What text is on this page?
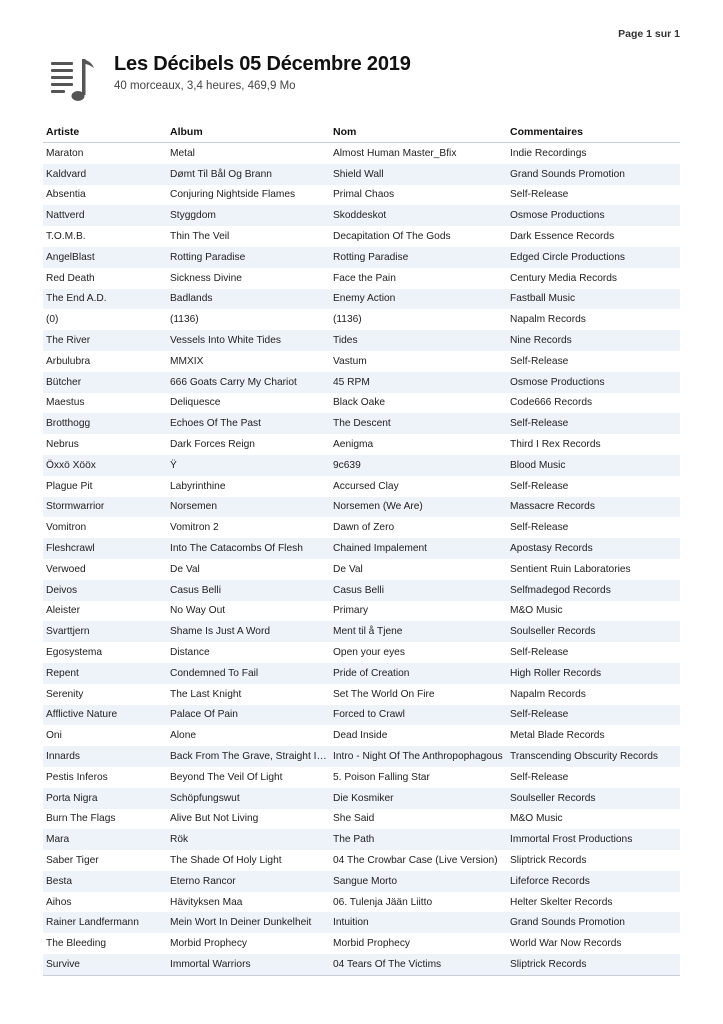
Page 1 sur 1
Les Décibels 05 Décembre 2019
40 morceaux, 3,4 heures, 469,9 Mo
Artiste	Album	Nom	Commentaires
Maraton	Metal	Almost Human Master_Bfix	Indie Recordings
Kaldvard	Dømt Til Bål Og Brann	Shield Wall	Grand Sounds Promotion
Absentia	Conjuring Nightside Flames	Primal Chaos	Self-Release
Nattverd	Styggdom	Skoddeskot	Osmose Productions
T.O.M.B.	Thin The Veil	Decapitation Of The Gods	Dark Essence Records
AngelBlast	Rotting Paradise	Rotting Paradise	Edged Circle Productions
Red Death	Sickness Divine	Face the Pain	Century Media Records
The End A.D.	Badlands	Enemy Action	Fastball Music
(0)	(1136)	(1136)	Napalm Records
The River	Vessels Into White Tides	Tides	Nine Records
Arbulubra	MMXIX	Vastum	Self-Release
Bütcher	666 Goats Carry My Chariot	45 RPM	Osmose Productions
Maestus	Deliquesce	Black Oake	Code666 Records
Brotthogg	Echoes Of The Past	The Descent	Self-Release
Nebrus	Dark Forces Reign	Aenigma	Third I Rex Records
Öxxö Xööx	Ÿ	9c639	Blood Music
Plague Pit	Labyrinthine	Accursed Clay	Self-Release
Stormwarrior	Norsemen	Norsemen (We Are)	Massacre Records
Vomitron	Vomitron 2	Dawn of Zero	Self-Release
Fleshcrawl	Into The Catacombs Of Flesh	Chained Impalement	Apostasy Records
Verwoed	De Val	De Val	Sentient Ruin Laboratories
Deivos	Casus Belli	Casus Belli	Selfmadegod Records
Aleister	No Way Out	Primary	M&O Music
Svarttjern	Shame Is Just A Word	Ment til å Tjene	Soulseller Records
Egosystema	Distance	Open your eyes	Self-Release
Repent	Condemned To Fail	Pride of Creation	High Roller Records
Serenity	The Last Knight	Set The World On Fire	Napalm Records
Afflictive Nature	Palace Of Pain	Forced to Crawl	Self-Release
Oni	Alone	Dead Inside	Metal Blade Records
Innards	Back From The Grave, Straight I…	Intro - Night Of The Anthropophagous	Transcending Obscurity Records
Pestis Inferos	Beyond The Veil Of Light	5. Poison Falling Star	Self-Release
Porta Nigra	Schöpfungswut	Die Kosmiker	Soulseller Records
Burn The Flags	Alive But Not Living	She Said	M&O Music
Mara	Rök	The Path	Immortal Frost Productions
Saber Tiger	The Shade Of Holy Light	04 The Crowbar Case (Live Version)	Sliptrick Records
Besta	Eterno Rancor	Sangue Morto	Lifeforce Records
Aihos	Hävityksen Maa	06. Tulenja Jään Liitto	Helter Skelter Records
Rainer Landfermann	Mein Wort In Deiner Dunkelheit	Intuition	Grand Sounds Promotion
The Bleeding	Morbid Prophecy	Morbid Prophecy	World War Now Records
Survive	Immortal Warriors	04 Tears Of The Victims	Sliptrick Records
